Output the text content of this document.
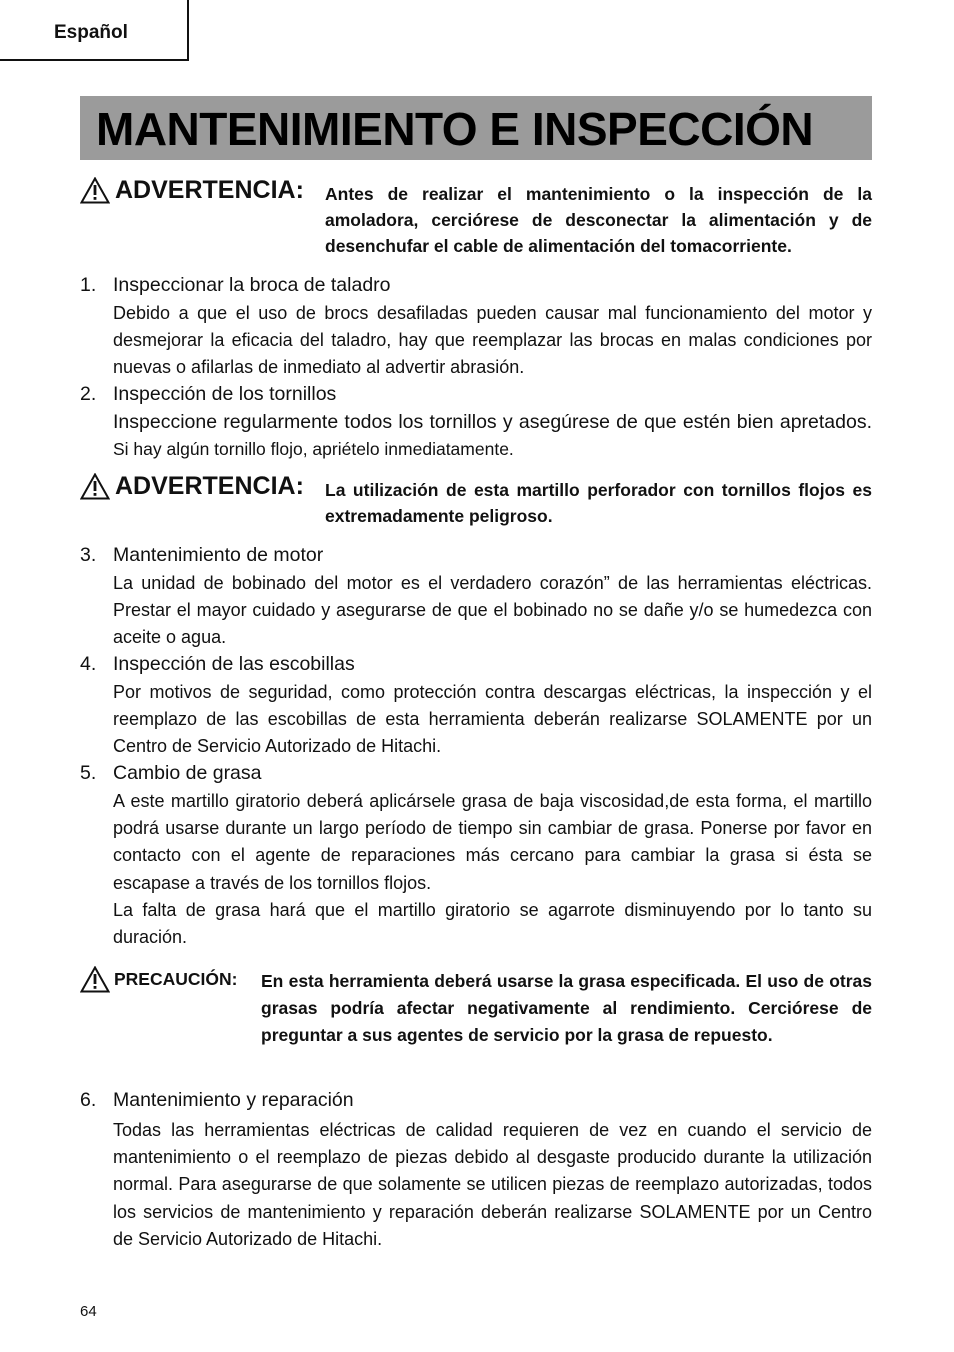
Español
MANTENIMIENTO E INSPECCIÓN
ADVERTENCIA: Antes de realizar el mantenimiento o la inspección de la amoladora, cerciórese de desconectar la alimentación y de desenchufar el cable de alimentación del tomacorriente.
1. Inspeccionar la broca de taladro
Debido a que el uso de brocs desafiladas pueden causar mal funcionamiento del motor y desmejorar la eficacia del taladro, hay que reemplazar las brocas en malas condiciones por nuevas o afilarlas de inmediato al advertir abrasión.
2. Inspección de los tornillos
Inspeccione regularmente todos los tornillos y asegúrese de que estén bien apretados. Si hay algún tornillo flojo, apriételo inmediatamente.
ADVERTENCIA: La utilización de esta martillo perforador con tornillos flojos es extremadamente peligroso.
3. Mantenimiento de motor
La unidad de bobinado del motor es el verdadero corazón” de las herramientas eléctricas. Prestar el mayor cuidado y asegurarse de que el bobinado no se dañe y/o se humedezca con aceite o agua.
4. Inspección de las escobillas
Por motivos de seguridad, como protección contra descargas eléctricas, la inspección y el reemplazo de las escobillas de esta herramienta deberán realizarse SOLAMENTE por un Centro de Servicio Autorizado de Hitachi.
5. Cambio de grasa
A este martillo giratorio deberá aplicársele grasa de baja viscosidad,de esta forma, el martillo podrá usarse durante un largo período de tiempo sin cambiar de grasa. Ponerse por favor en contacto con el agente de reparaciones más cercano para cambiar la grasa si ésta se escapase a través de los tornillos flojos.
La falta de grasa hará que el martillo giratorio se agarrote disminuyendo por lo tanto su duración.
PRECAUCIÓN: En esta herramienta deberá usarse la grasa especificada. El uso de otras grasas podría afectar negativamente al rendimiento. Cerciórese de preguntar a sus agentes de servicio por la grasa de repuesto.
6. Mantenimiento y reparación
Todas las herramientas eléctricas de calidad requieren de vez en cuando el servicio de mantenimiento o el reemplazo de piezas debido al desgaste producido durante la utilización normal. Para asegurarse de que solamente se utilicen piezas de reemplazo autorizadas, todos los servicios de mantenimiento y reparación deberán realizarse SOLAMENTE por un Centro de Servicio Autorizado de Hitachi.
64
